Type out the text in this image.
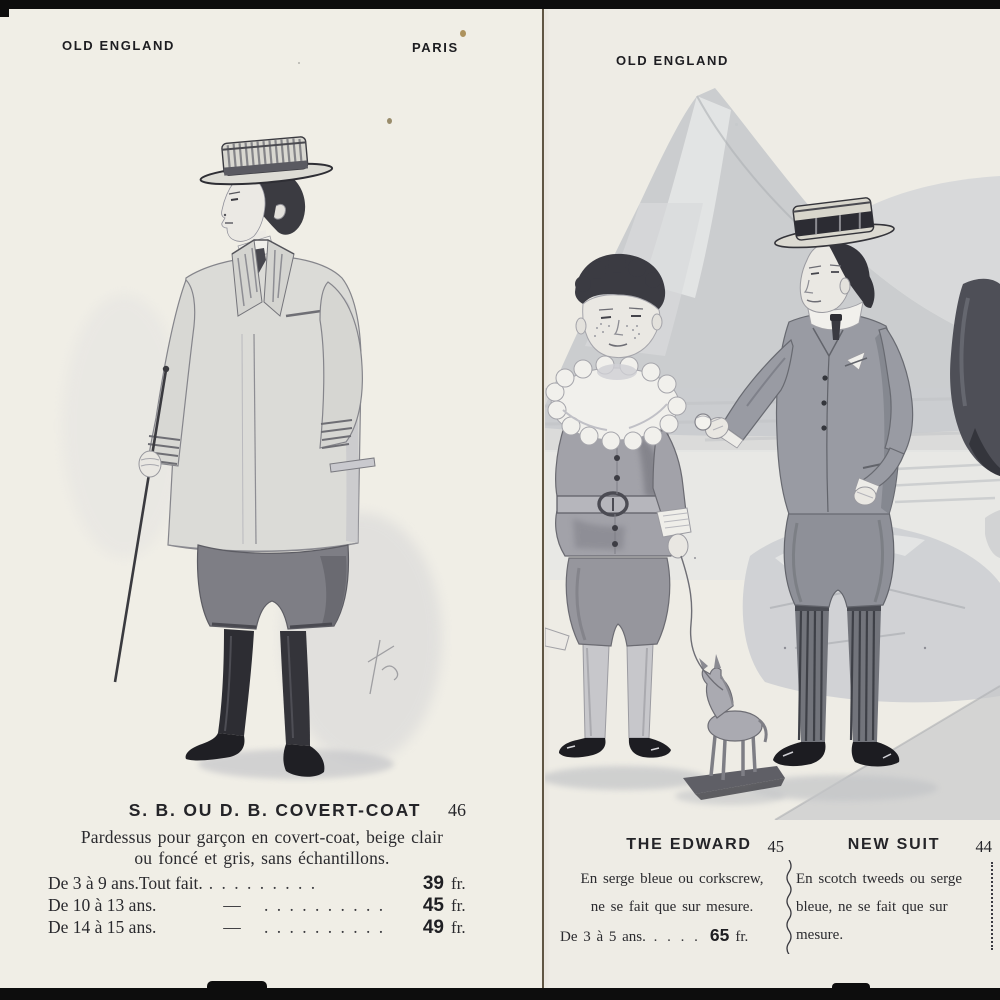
OLD ENGLAND	PARIS
S. B. OU D. B. COVERT-COAT 46
Pardessus pour garçon en covert-coat, beige clair
ou foncé et gris, sans échantillons.
De 3 à 9 ans. Tout fait. . . . . . . . . .	39 fr.
De 10 à 13 ans.	—	. . . . . . . . . .	45 fr.
De 14 à 15 ans.	—	. . . . . . . . . .	49 fr.
OLD ENGLAND
THE EDWARD 45
En serge bleue ou corkscrew,
ne se fait que sur mesure.
De 3 à 5 ans. . . . . 65 fr.
NEW SUIT 44
En scotch tweeds ou serge
bleue, ne se fait que sur
mesure.
